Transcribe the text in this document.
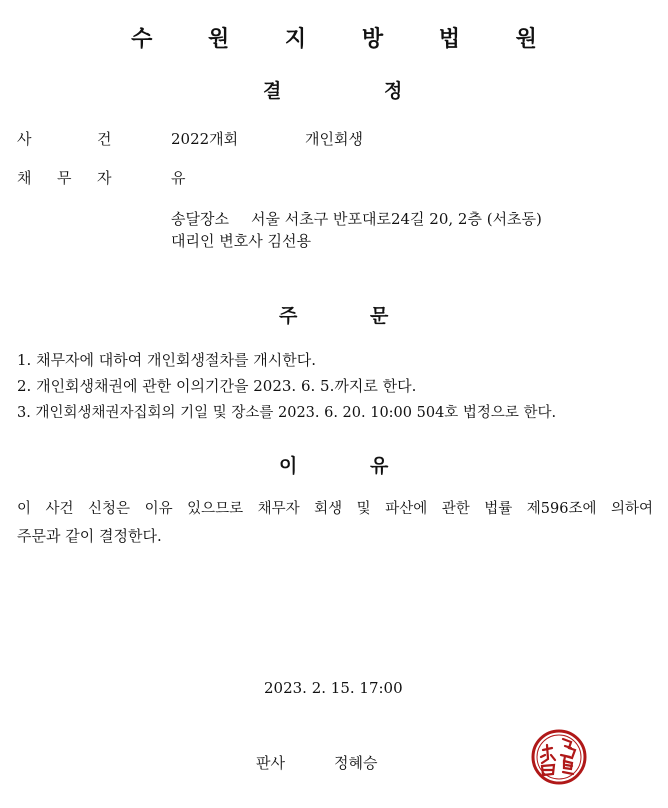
수 원 지 방 법 원
결	정
사	건	2022개회	개인회생
채 무 자	유
송달장소 서울 서초구 반포대로24길 20, 2층 (서초동)
대리인 변호사 김선용
주	문
1. 채무자에 대하여 개인회생절차를 개시한다.
2. 개인회생채권에 관한 이의기간을 2023. 6. 5.까지로 한다.
3. 개인회생채권자집회의 기일 및 장소를 2023. 6. 20. 10:00 504호 법정으로 한다.
이	유
이 사건 신청은 이유 있으므로 채무자 회생 및 파산에 관한 법률 제596조에 의하여
주문과 같이 결정한다.
2023. 2. 15. 17:00
판사	정혜승
